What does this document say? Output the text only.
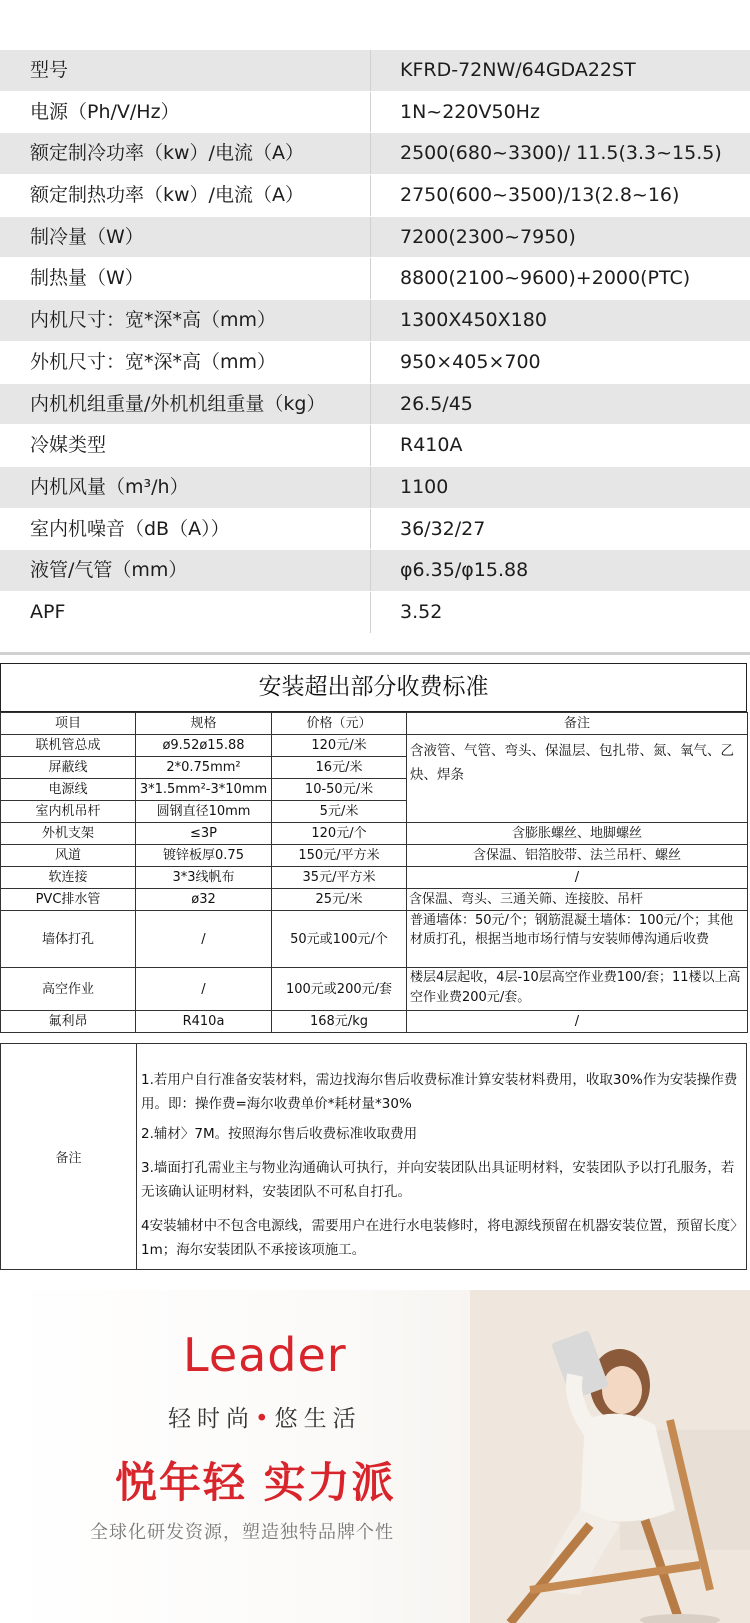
型号	KFRD-72NW/64GDA22ST
电源（Ph/V/Hz）	1N~220V50Hz
额定制冷功率（kw）/电流（A）	2500(680~3300)/ 11.5(3.3~15.5)
额定制热功率（kw）/电流（A）	2750(600~3500)/13(2.8~16)
制冷量（W）	7200(2300~7950)
制热量（W）	8800(2100~9600)+2000(PTC)
内机尺寸：宽*深*高（mm）	1300X450X180
外机尺寸：宽*深*高（mm）	950×405×700
内机机组重量/外机机组重量（kg）	26.5/45
冷媒类型	R410A
内机风量（m³/h）	1100
室内机噪音（dB（A））	36/32/27
液管/气管（mm）	φ6.35/φ15.88
APF	3.52
安装超出部分收费标准
项目	规格	价格（元）	备注
联机管总成	ø9.52ø15.88	120元/米	含液管、气管、弯头、保温层、包扎带、氮、氧气、乙炔、焊条
屏蔽线	2*0.75mm²	16元/米	
电源线	3*1.5mm²-3*10mm	10-50元/米	
室内机吊杆	圆钢直径10mm	5元/米	
外机支架	≤3P	120元/个	含膨胀螺丝、地脚螺丝
风道	镀锌板厚0.75	150元/平方米	含保温、铝箔胶带、法兰吊杆、螺丝
软连接	3*3线帆布	35元/平方米	/
PVC排水管	ø32	25元/米	含保温、弯头、三通关筛、连接胶、吊杆
墙体打孔	/	50元或100元/个	普通墙体：50元/个；钢筋混凝土墙体：100元/个；其他材质打孔，根据当地市场行情与安装师傅沟通后收费
高空作业	/	100元或200元/套	楼层4层起收，4层-10层高空作业费100/套；11楼以上高空作业费200元/套。
氟利昂	R410a	168元/kg	/
备注

1.若用户自行准备安装材料，需边找海尔售后收费标准计算安装材料费用，收取30%作为安装操作费用。即：操作费=海尔收费单价*耗材量*30%

2.辅材〉7M。按照海尔售后收费标准收取费用

3.墙面打孔需业主与物业沟通确认可执行，并向安装团队出具证明材料，安装团队予以打孔服务，若无该确认证明材料，安装团队不可私自打孔。

4安装辅材中不包含电源线，需要用户在进行水电装修时，将电源线预留在机器安装位置，预留长度〉1m；海尔安装团队不承接该项施工。

Leader
轻时尚•悠生活
悦年轻 实力派
全球化研发资源，塑造独特品牌个性
